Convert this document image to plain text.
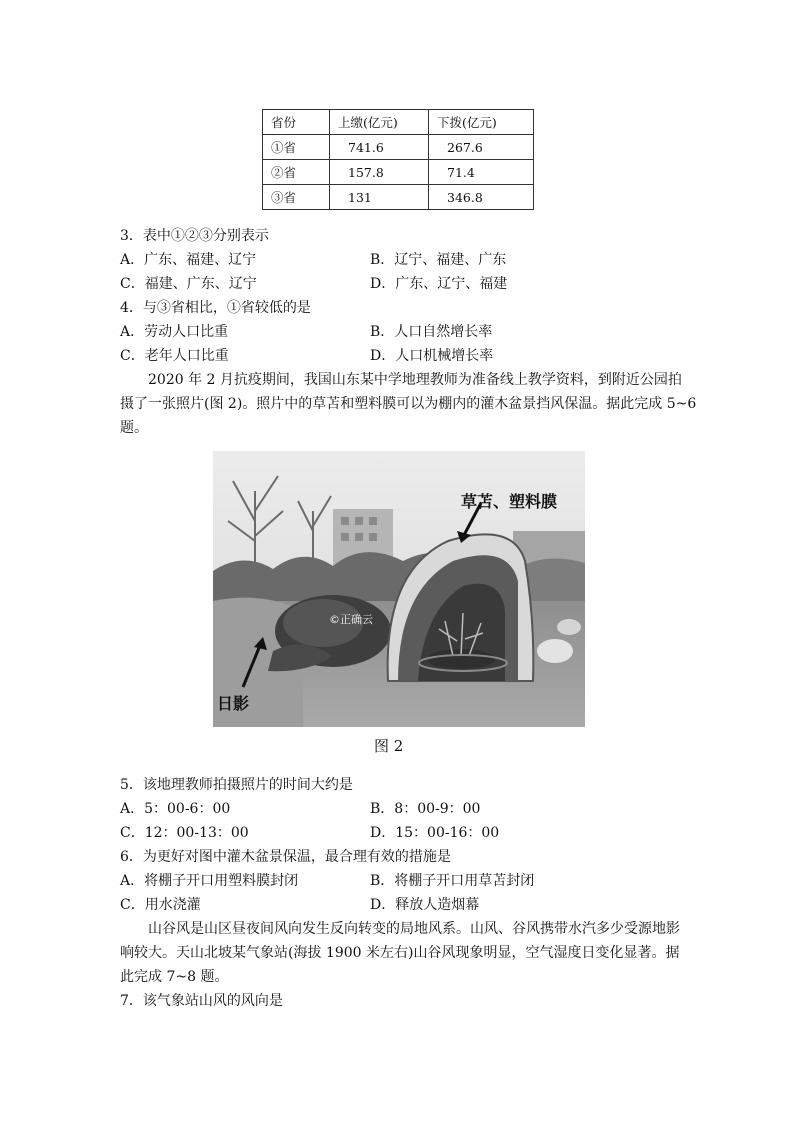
省份	上缴(亿元)	下拨(亿元)
①省	741.6	267.6
②省	157.8	71.4
③省	131	346.8
3．表中①②③分别表示
A．广东、福建、辽宁	B．辽宁、福建、广东
C．福建、广东、辽宁	D．广东、辽宁、福建
4．与③省相比，①省较低的是
A．劳动人口比重	B．人口自然增长率
C．老年人口比重	D．人口机械增长率
2020 年 2 月抗疫期间，我国山东某中学地理教师为准备线上教学资料，到附近公园拍
摄了一张照片(图 2)。照片中的草苫和塑料膜可以为棚内的灌木盆景挡风保温。据此完成 5~6
题。
草苫、塑料膜
日影
©正确云
图 2
5．该地理教师拍摄照片的时间大约是
A．5：00-6：00	B．8：00-9：00
C．12：00-13：00	D．15：00-16：00
6．为更好对图中灌木盆景保温，最合理有效的措施是
A．将棚子开口用塑料膜封闭	B．将棚子开口用草苫封闭
C．用水浇灌	D．释放人造烟幕
山谷风是山区昼夜间风向发生反向转变的局地风系。山风、谷风携带水汽多少受源地影
响较大。天山北坡某气象站(海拔 1900 米左右)山谷风现象明显，空气湿度日变化显著。据
此完成 7~8 题。
7．该气象站山风的风向是
